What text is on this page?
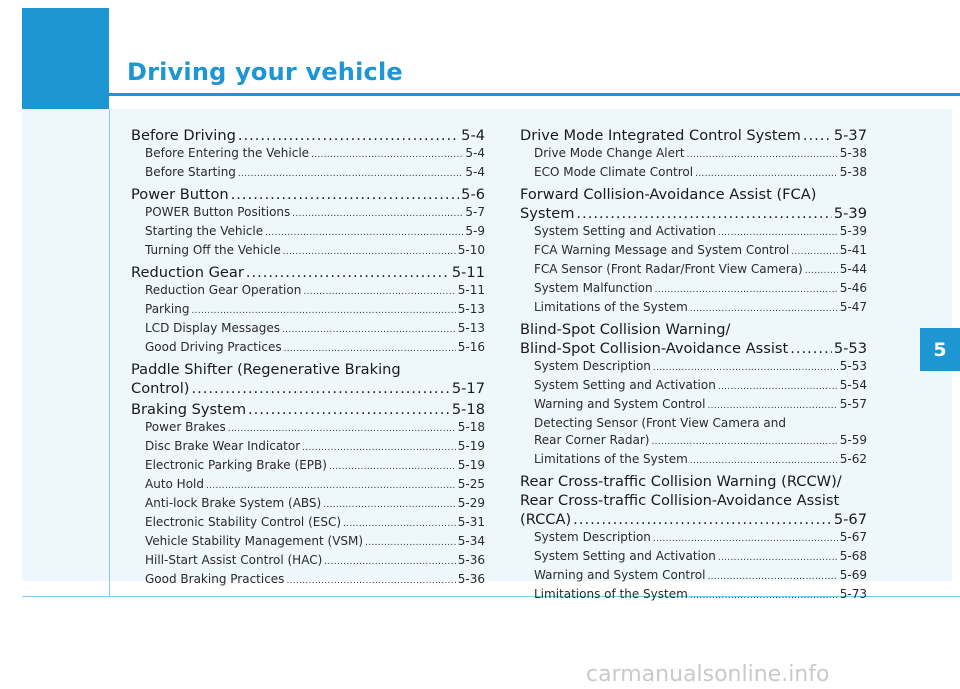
Driving your vehicle
5
Before Driving .....	5-4
Before Entering the Vehicle .....	5-4
Before Starting .....	5-4
Power Button .....	5-6
POWER Button Positions .....	5-7
Starting the Vehicle .....	5-9
Turning Off the Vehicle .....	5-10
Reduction Gear .....	5-11
Reduction Gear Operation .....	5-11
Parking .....	5-13
LCD Display Messages .....	5-13
Good Driving Practices .....	5-16
Paddle Shifter (Regenerative Braking
Control) .....	5-17
Braking System .....	5-18
Power Brakes .....	5-18
Disc Brake Wear Indicator .....	5-19
Electronic Parking Brake (EPB) .....	5-19
Auto Hold .....	5-25
Anti-lock Brake System (ABS) .....	5-29
Electronic Stability Control (ESC) .....	5-31
Vehicle Stability Management (VSM) .....	5-34
Hill-Start Assist Control (HAC) .....	5-36
Good Braking Practices .....	5-36
Drive Mode Integrated Control System ..... 5-37
Drive Mode Change Alert .....	5-38
ECO Mode Climate Control .....	5-38
Forward Collision-Avoidance Assist (FCA)
System .....	5-39
System Setting and Activation .....	5-39
FCA Warning Message and System Control .....	5-41
FCA Sensor (Front Radar/Front View Camera) .....	5-44
System Malfunction .....	5-46
Limitations of the System .....	5-47
Blind-Spot Collision Warning/
Blind-Spot Collision-Avoidance Assist .....	5-53
System Description .....	5-53
System Setting and Activation .....	5-54
Warning and System Control .....	5-57
Detecting Sensor (Front View Camera and
Rear Corner Radar) .....	5-59
Limitations of the System .....	5-62
Rear Cross-traffic Collision Warning (RCCW)/
Rear Cross-traffic Collision-Avoidance Assist
(RCCA) .....	5-67
System Description .....	5-67
System Setting and Activation .....	5-68
Warning and System Control .....	5-69
Limitations of the System .....	5-73
carmanualsonline.info
